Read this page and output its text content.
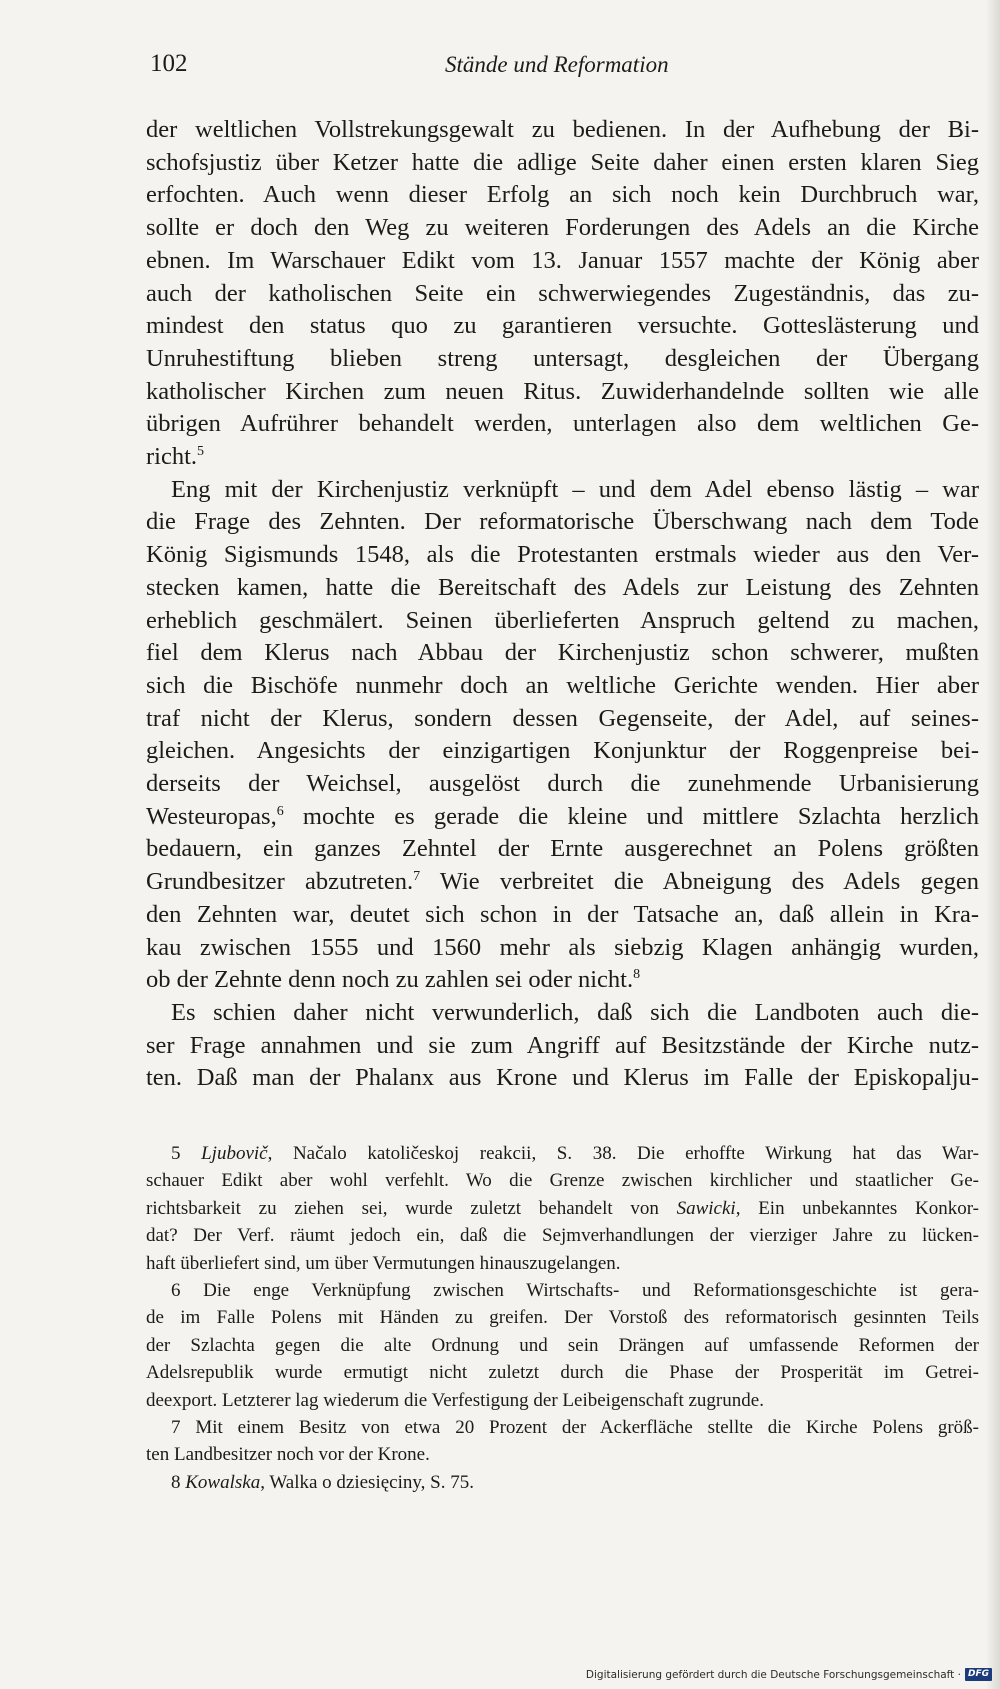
102	Stände und Reformation
der weltlichen Vollstrekungsgewalt zu bedienen. In der Aufhebung der Bi-
schofsjustiz über Ketzer hatte die adlige Seite daher einen ersten klaren Sieg
erfochten. Auch wenn dieser Erfolg an sich noch kein Durchbruch war,
sollte er doch den Weg zu weiteren Forderungen des Adels an die Kirche
ebnen. Im Warschauer Edikt vom 13. Januar 1557 machte der König aber
auch der katholischen Seite ein schwerwiegendes Zugeständnis, das zu-
mindest den status quo zu garantieren versuchte. Gotteslästerung und
Unruhestiftung blieben streng untersagt, desgleichen der Übergang
katholischer Kirchen zum neuen Ritus. Zuwiderhandelnde sollten wie alle
übrigen Aufrührer behandelt werden, unterlagen also dem weltlichen Ge-
richt.$^5$
Eng mit der Kirchenjustiz verknüpft – und dem Adel ebenso lästig – war
die Frage des Zehnten. Der reformatorische Überschwang nach dem Tode
König Sigismunds 1548, als die Protestanten erstmals wieder aus den Ver-
stecken kamen, hatte die Bereitschaft des Adels zur Leistung des Zehnten
erheblich geschmälert. Seinen überlieferten Anspruch geltend zu machen,
fiel dem Klerus nach Abbau der Kirchenjustiz schon schwerer, mußten
sich die Bischöfe nunmehr doch an weltliche Gerichte wenden. Hier aber
traf nicht der Klerus, sondern dessen Gegenseite, der Adel, auf seines-
gleichen. Angesichts der einzigartigen Konjunktur der Roggenpreise bei-
derseits der Weichsel, ausgelöst durch die zunehmende Urbanisierung
Westeuropas,$^6$ mochte es gerade die kleine und mittlere Szlachta herzlich
bedauern, ein ganzes Zehntel der Ernte ausgerechnet an Polens größten
Grundbesitzer abzutreten.$^7$ Wie verbreitet die Abneigung des Adels gegen
den Zehnten war, deutet sich schon in der Tatsache an, daß allein in Kra-
kau zwischen 1555 und 1560 mehr als siebzig Klagen anhängig wurden,
ob der Zehnte denn noch zu zahlen sei oder nicht.$^8$
Es schien daher nicht verwunderlich, daß sich die Landboten auch die-
ser Frage annahmen und sie zum Angriff auf Besitzstände der Kirche nutz-
ten. Daß man der Phalanx aus Krone und Klerus im Falle der Episkopalju-
5 Ljubovič, Načalo katoličeskoj reakcii, S. 38. Die erhoffte Wirkung hat das War-
schauer Edikt aber wohl verfehlt. Wo die Grenze zwischen kirchlicher und staatlicher Ge-
richtsbarkeit zu ziehen sei, wurde zuletzt behandelt von Sawicki, Ein unbekanntes Konkor-
dat? Der Verf. räumt jedoch ein, daß die Sejmverhandlungen der vierziger Jahre zu lücken-
haft überliefert sind, um über Vermutungen hinauszugelangen.
6 Die enge Verknüpfung zwischen Wirtschafts- und Reformationsgeschichte ist gera-
de im Falle Polens mit Händen zu greifen. Der Vorstoß des reformatorisch gesinnten Teils
der Szlachta gegen die alte Ordnung und sein Drängen auf umfassende Reformen der
Adelsrepublik wurde ermutigt nicht zuletzt durch die Phase der Prosperität im Getrei-
deexport. Letzterer lag wiederum die Verfestigung der Leibeigenschaft zugrunde.
7 Mit einem Besitz von etwa 20 Prozent der Ackerfläche stellte die Kirche Polens größ-
ten Landbesitzer noch vor der Krone.
8 Kowalska, Walka o dziesięciny, S. 75.
Digitalisierung gefördert durch die Deutsche Forschungsgemeinschaft · DFG
